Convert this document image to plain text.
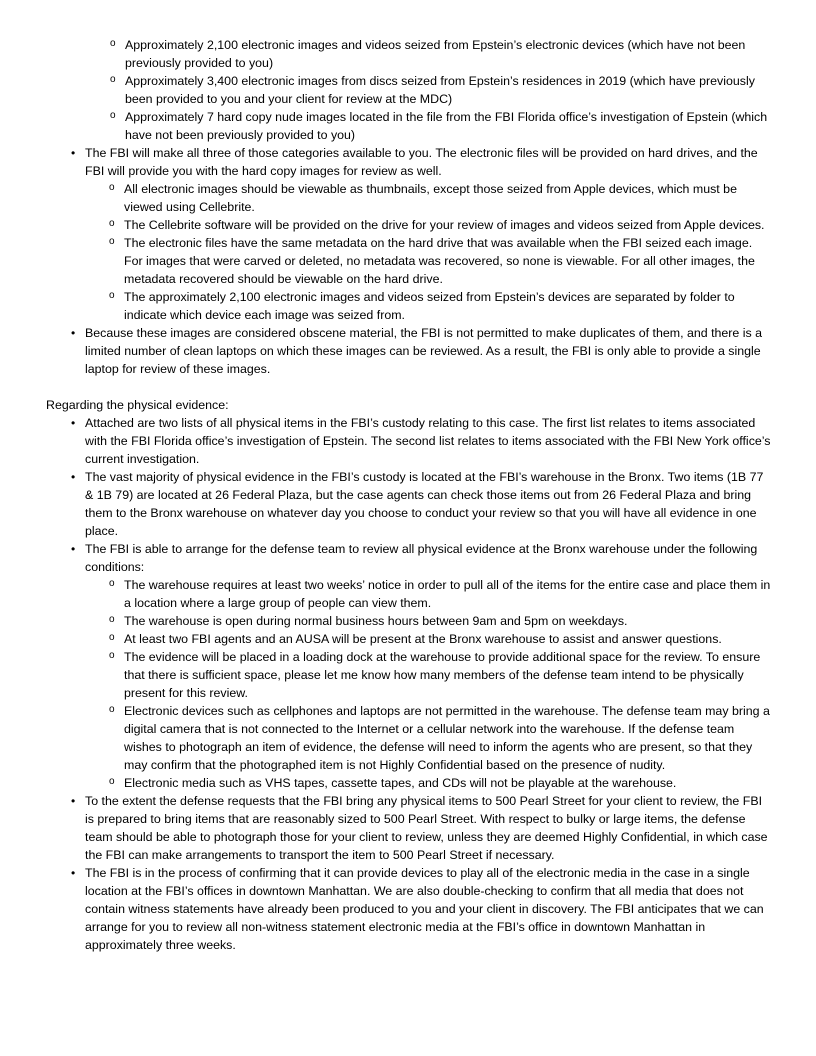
o Approximately 2,100 electronic images and videos seized from Epstein’s electronic devices (which have not been previously provided to you)
o Approximately 3,400 electronic images from discs seized from Epstein’s residences in 2019 (which have previously been provided to you and your client for review at the MDC)
o Approximately 7 hard copy nude images located in the file from the FBI Florida office’s investigation of Epstein (which have not been previously provided to you)
• The FBI will make all three of those categories available to you. The electronic files will be provided on hard drives, and the FBI will provide you with the hard copy images for review as well.
o All electronic images should be viewable as thumbnails, except those seized from Apple devices, which must be viewed using Cellebrite.
o The Cellebrite software will be provided on the drive for your review of images and videos seized from Apple devices.
o The electronic files have the same metadata on the hard drive that was available when the FBI seized each image. For images that were carved or deleted, no metadata was recovered, so none is viewable. For all other images, the metadata recovered should be viewable on the hard drive.
o The approximately 2,100 electronic images and videos seized from Epstein’s devices are separated by folder to indicate which device each image was seized from.
• Because these images are considered obscene material, the FBI is not permitted to make duplicates of them, and there is a limited number of clean laptops on which these images can be reviewed. As a result, the FBI is only able to provide a single laptop for review of these images.

Regarding the physical evidence:

• Attached are two lists of all physical items in the FBI’s custody relating to this case. The first list relates to items associated with the FBI Florida office’s investigation of Epstein. The second list relates to items associated with the FBI New York office’s current investigation.
• The vast majority of physical evidence in the FBI’s custody is located at the FBI’s warehouse in the Bronx. Two items (1B 77 & 1B 79) are located at 26 Federal Plaza, but the case agents can check those items out from 26 Federal Plaza and bring them to the Bronx warehouse on whatever day you choose to conduct your review so that you will have all evidence in one place.
• The FBI is able to arrange for the defense team to review all physical evidence at the Bronx warehouse under the following conditions:
o The warehouse requires at least two weeks’ notice in order to pull all of the items for the entire case and place them in a location where a large group of people can view them.
o The warehouse is open during normal business hours between 9am and 5pm on weekdays.
o At least two FBI agents and an AUSA will be present at the Bronx warehouse to assist and answer questions.
o The evidence will be placed in a loading dock at the warehouse to provide additional space for the review. To ensure that there is sufficient space, please let me know how many members of the defense team intend to be physically present for this review.
o Electronic devices such as cellphones and laptops are not permitted in the warehouse. The defense team may bring a digital camera that is not connected to the Internet or a cellular network into the warehouse. If the defense team wishes to photograph an item of evidence, the defense will need to inform the agents who are present, so that they may confirm that the photographed item is not Highly Confidential based on the presence of nudity.
o Electronic media such as VHS tapes, cassette tapes, and CDs will not be playable at the warehouse.
• To the extent the defense requests that the FBI bring any physical items to 500 Pearl Street for your client to review, the FBI is prepared to bring items that are reasonably sized to 500 Pearl Street. With respect to bulky or large items, the defense team should be able to photograph those for your client to review, unless they are deemed Highly Confidential, in which case the FBI can make arrangements to transport the item to 500 Pearl Street if necessary.
• The FBI is in the process of confirming that it can provide devices to play all of the electronic media in the case in a single location at the FBI’s offices in downtown Manhattan. We are also double-checking to confirm that all media that does not contain witness statements have already been produced to you and your client in discovery. The FBI anticipates that we can arrange for you to review all non-witness statement electronic media at the FBI’s office in downtown Manhattan in approximately three weeks.
